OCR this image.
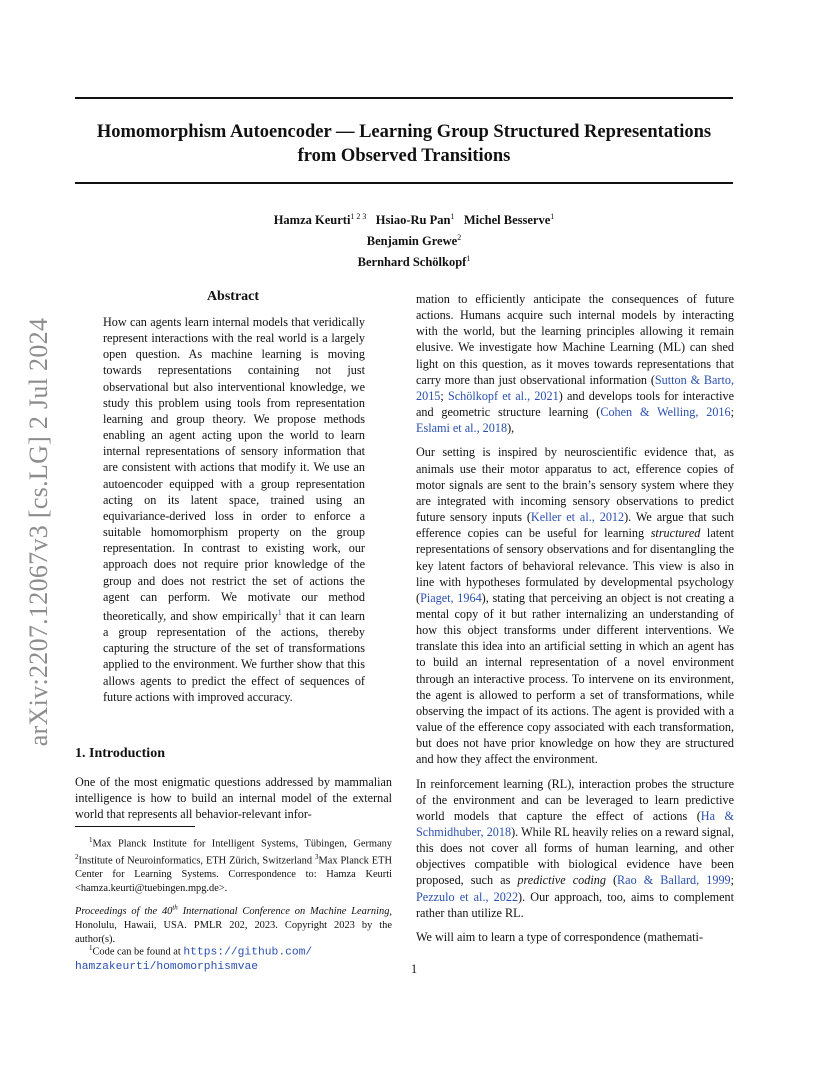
arXiv:2207.12067v3 [cs.LG] 2 Jul 2024
Homomorphism Autoencoder — Learning Group Structured Representations
from Observed Transitions
Hamza Keurti$^{1 2 3}$ Hsiao-Ru Pan$^1$ Michel Besserve$^1$
Benjamin Grewe$^2$
Bernhard Schölkopf$^1$
Abstract

How can agents learn internal models that veridically represent interactions with the real world is a largely open question. As machine learning is moving towards representations containing not just observational but also interventional knowledge, we study this problem using tools from representation learning and group theory. We propose methods enabling an agent acting upon the world to learn internal representations of sensory information that are consistent with actions that modify it. We use an autoencoder equipped with a group representation acting on its latent space, trained using an equivariance-derived loss in order to enforce a suitable homomorphism property on the group representation. In contrast to existing work, our approach does not require prior knowledge of the group and does not restrict the set of actions the agent can perform. We motivate our method theoretically, and show empirically$^1$ that it can learn a group representation of the actions, thereby capturing the structure of the set of transformations applied to the environment. We further show that this allows agents to predict the effect of sequences of future actions with improved accuracy.

1. Introduction

One of the most enigmatic questions addressed by mammalian intelligence is how to build an internal model of the external world that represents all behavior-relevant infor-

$^1$Max Planck Institute for Intelligent Systems, Tübingen, Germany $^2$Institute of Neuroinformatics, ETH Zürich, Switzerland $^3$Max Planck ETH Center for Learning Systems. Correspondence to: Hamza Keurti <hamza.keurti@tuebingen.mpg.de>.
Proceedings of the 40th International Conference on Machine Learning, Honolulu, Hawaii, USA. PMLR 202, 2023. Copyright 2023 by the author(s).
$^1$Code can be found at https://github.com/
hamzakeurti/homomorphismvae

mation to efficiently anticipate the consequences of future actions. Humans acquire such internal models by interacting with the world, but the learning principles allowing it remain elusive. We investigate how Machine Learning (ML) can shed light on this question, as it moves towards representations that carry more than just observational information (Sutton & Barto, 2015; Schölkopf et al., 2021) and develops tools for interactive and geometric structure learning (Cohen & Welling, 2016; Eslami et al., 2018),

Our setting is inspired by neuroscientific evidence that, as animals use their motor apparatus to act, efference copies of motor signals are sent to the brain’s sensory system where they are integrated with incoming sensory observations to predict future sensory inputs (Keller et al., 2012). We argue that such efference copies can be useful for learning structured latent representations of sensory observations and for disentangling the key latent factors of behavioral relevance. This view is also in line with hypotheses formulated by developmental psychology (Piaget, 1964), stating that perceiving an object is not creating a mental copy of it but rather internalizing an understanding of how this object transforms under different interventions. We translate this idea into an artificial setting in which an agent has to build an internal representation of a novel environment through an interactive process. To intervene on its environment, the agent is allowed to perform a set of transformations, while observing the impact of its actions. The agent is provided with a value of the efference copy associated with each transformation, but does not have prior knowledge on how they are structured and how they affect the environment.

In reinforcement learning (RL), interaction probes the structure of the environment and can be leveraged to learn predictive world models that capture the effect of actions (Ha & Schmidhuber, 2018). While RL heavily relies on a reward signal, this does not cover all forms of human learning, and other objectives compatible with biological evidence have been proposed, such as predictive coding (Rao & Ballard, 1999; Pezzulo et al., 2022). Our approach, too, aims to complement rather than utilize RL.

We will aim to learn a type of correspondence (mathemati-

1
